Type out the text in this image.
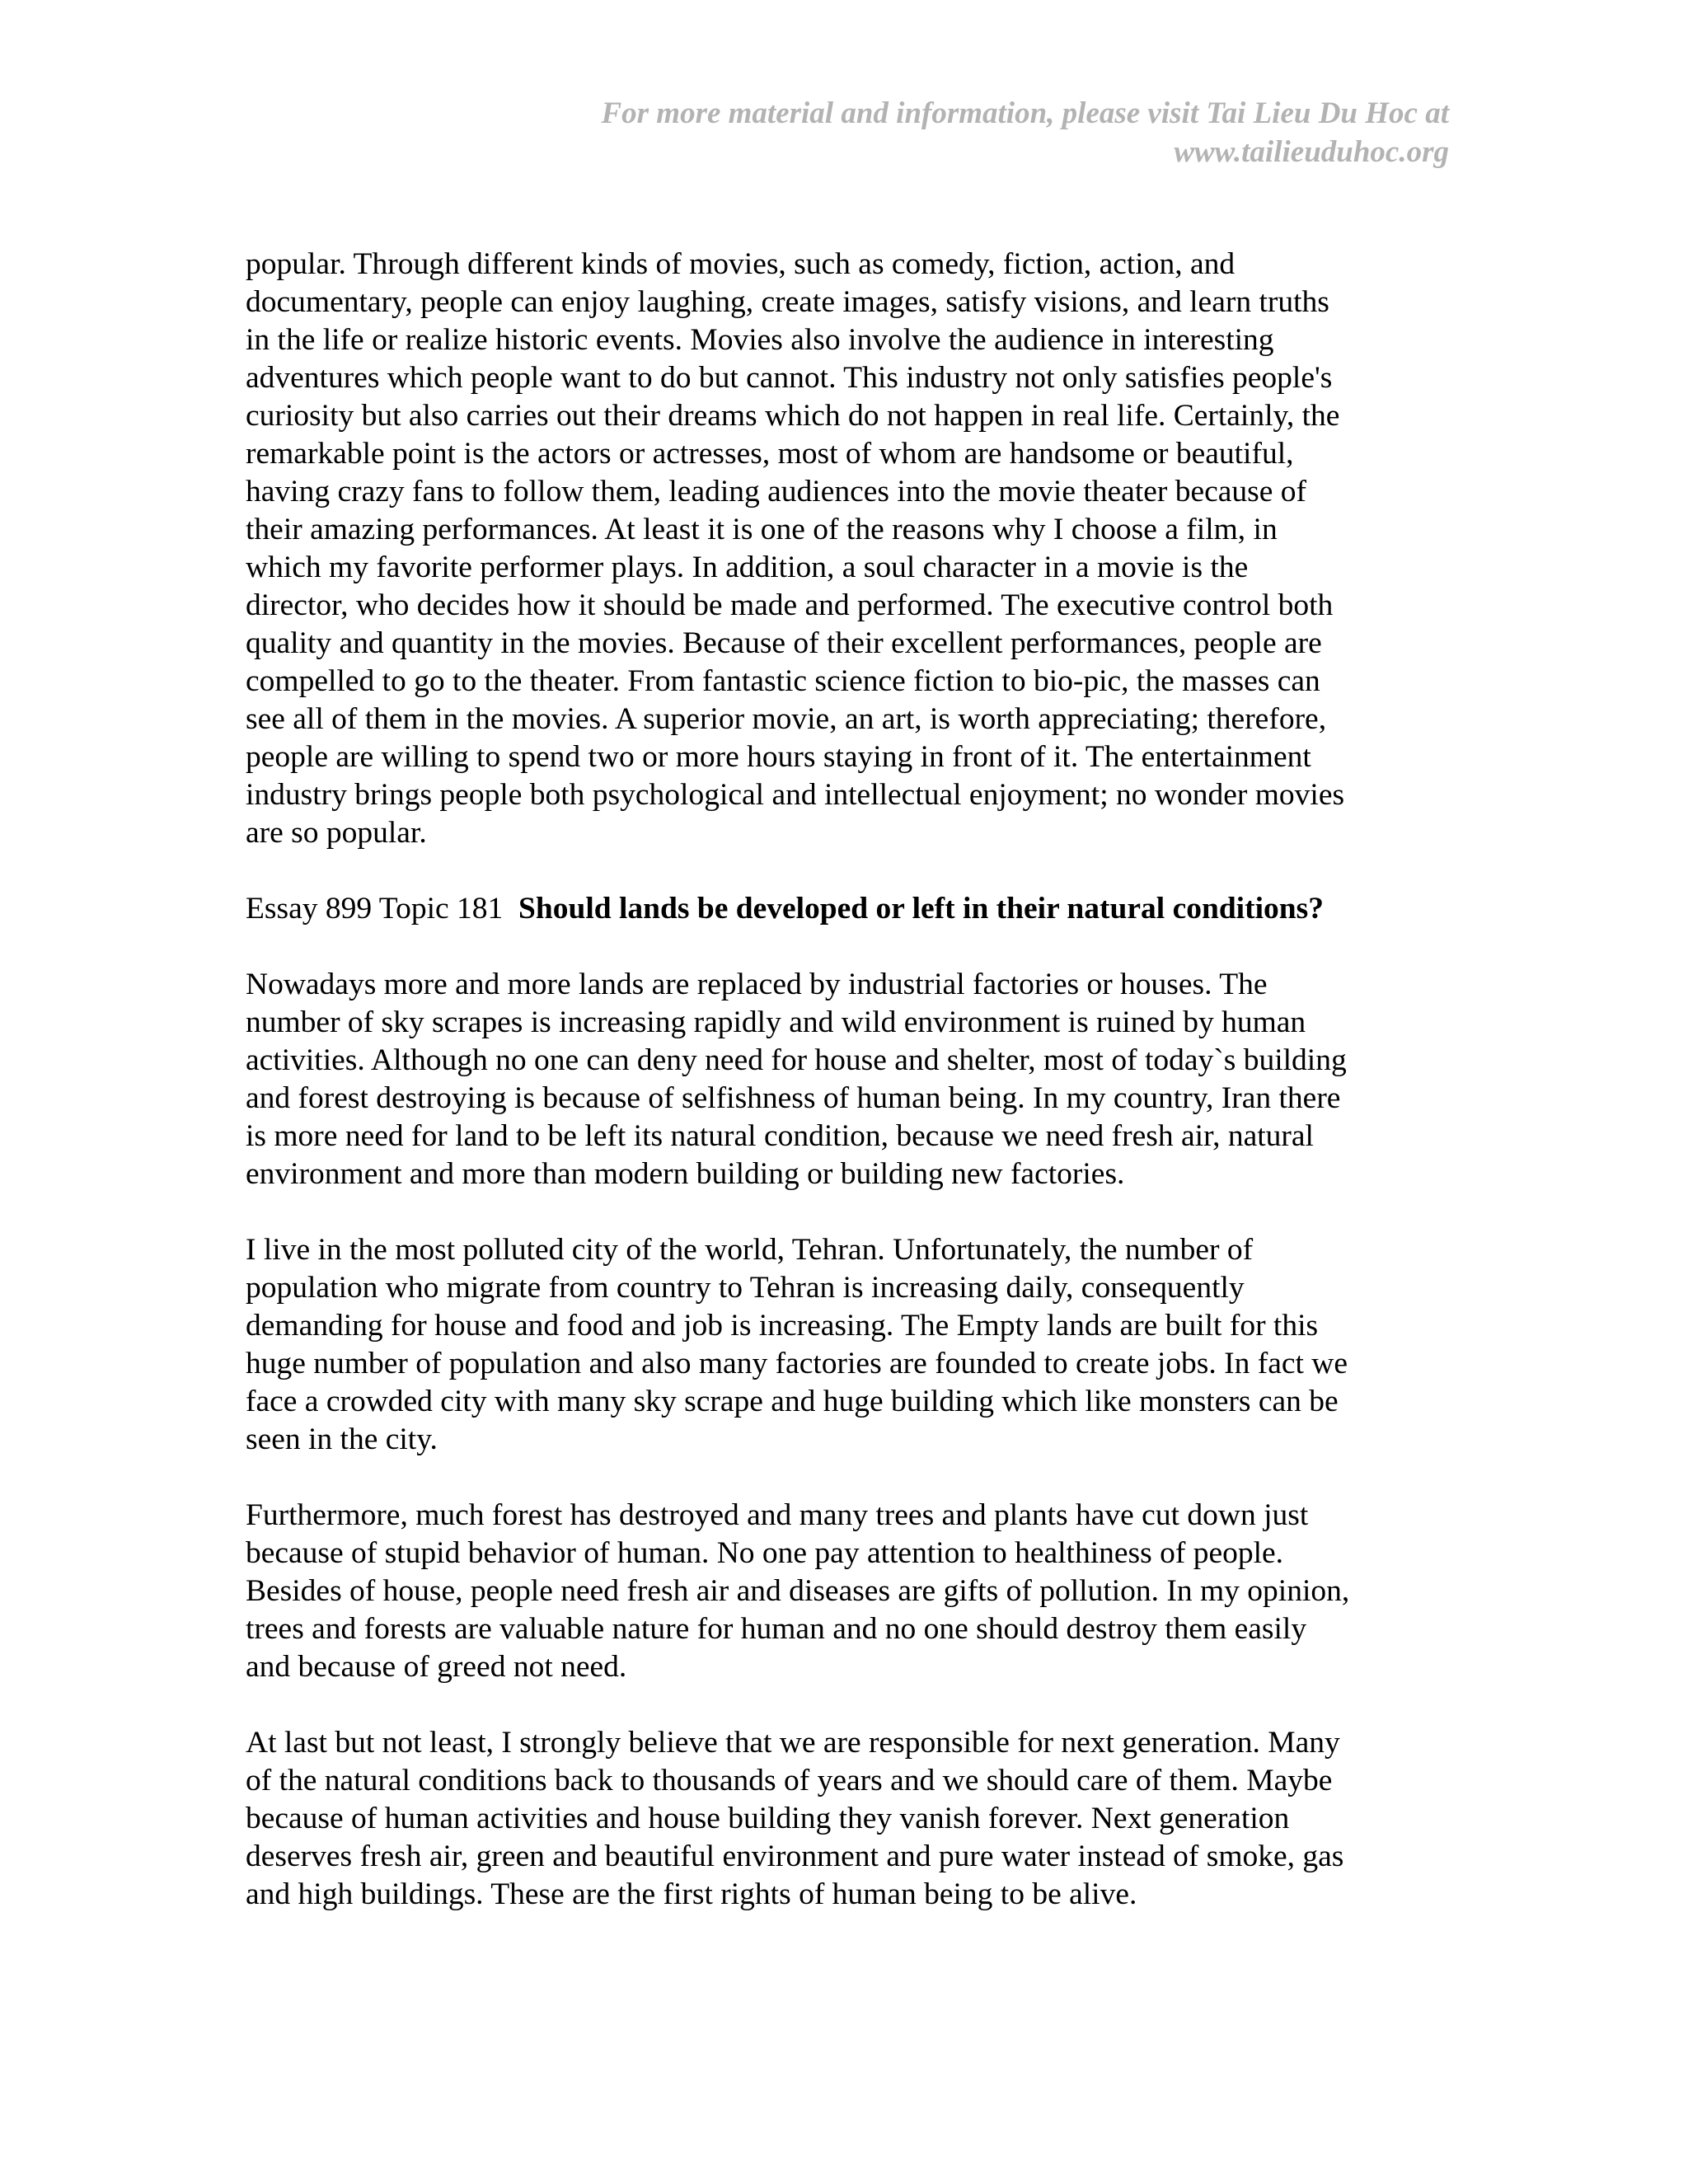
For more material and information, please visit Tai Lieu Du Hoc at
www.tailieuduhoc.org
popular. Through different kinds of movies, such as comedy, fiction, action, and
documentary, people can enjoy laughing, create images, satisfy visions, and learn truths
in the life or realize historic events. Movies also involve the audience in interesting
adventures which people want to do but cannot. This industry not only satisfies people's
curiosity but also carries out their dreams which do not happen in real life. Certainly, the
remarkable point is the actors or actresses, most of whom are handsome or beautiful,
having crazy fans to follow them, leading audiences into the movie theater because of
their amazing performances. At least it is one of the reasons why I choose a film, in
which my favorite performer plays. In addition, a soul character in a movie is the
director, who decides how it should be made and performed. The executive control both
quality and quantity in the movies. Because of their excellent performances, people are
compelled to go to the theater. From fantastic science fiction to bio-pic, the masses can
see all of them in the movies. A superior movie, an art, is worth appreciating; therefore,
people are willing to spend two or more hours staying in front of it. The entertainment
industry brings people both psychological and intellectual enjoyment; no wonder movies
are so popular.
Essay 899 Topic 181 Should lands be developed or left in their natural conditions?
Nowadays more and more lands are replaced by industrial factories or houses. The
number of sky scrapes is increasing rapidly and wild environment is ruined by human
activities. Although no one can deny need for house and shelter, most of today`s building
and forest destroying is because of selfishness of human being. In my country, Iran there
is more need for land to be left its natural condition, because we need fresh air, natural
environment and more than modern building or building new factories.
I live in the most polluted city of the world, Tehran. Unfortunately, the number of
population who migrate from country to Tehran is increasing daily, consequently
demanding for house and food and job is increasing. The Empty lands are built for this
huge number of population and also many factories are founded to create jobs. In fact we
face a crowded city with many sky scrape and huge building which like monsters can be
seen in the city.
Furthermore, much forest has destroyed and many trees and plants have cut down just
because of stupid behavior of human. No one pay attention to healthiness of people.
Besides of house, people need fresh air and diseases are gifts of pollution. In my opinion,
trees and forests are valuable nature for human and no one should destroy them easily
and because of greed not need.
At last but not least, I strongly believe that we are responsible for next generation. Many
of the natural conditions back to thousands of years and we should care of them. Maybe
because of human activities and house building they vanish forever. Next generation
deserves fresh air, green and beautiful environment and pure water instead of smoke, gas
and high buildings. These are the first rights of human being to be alive.
